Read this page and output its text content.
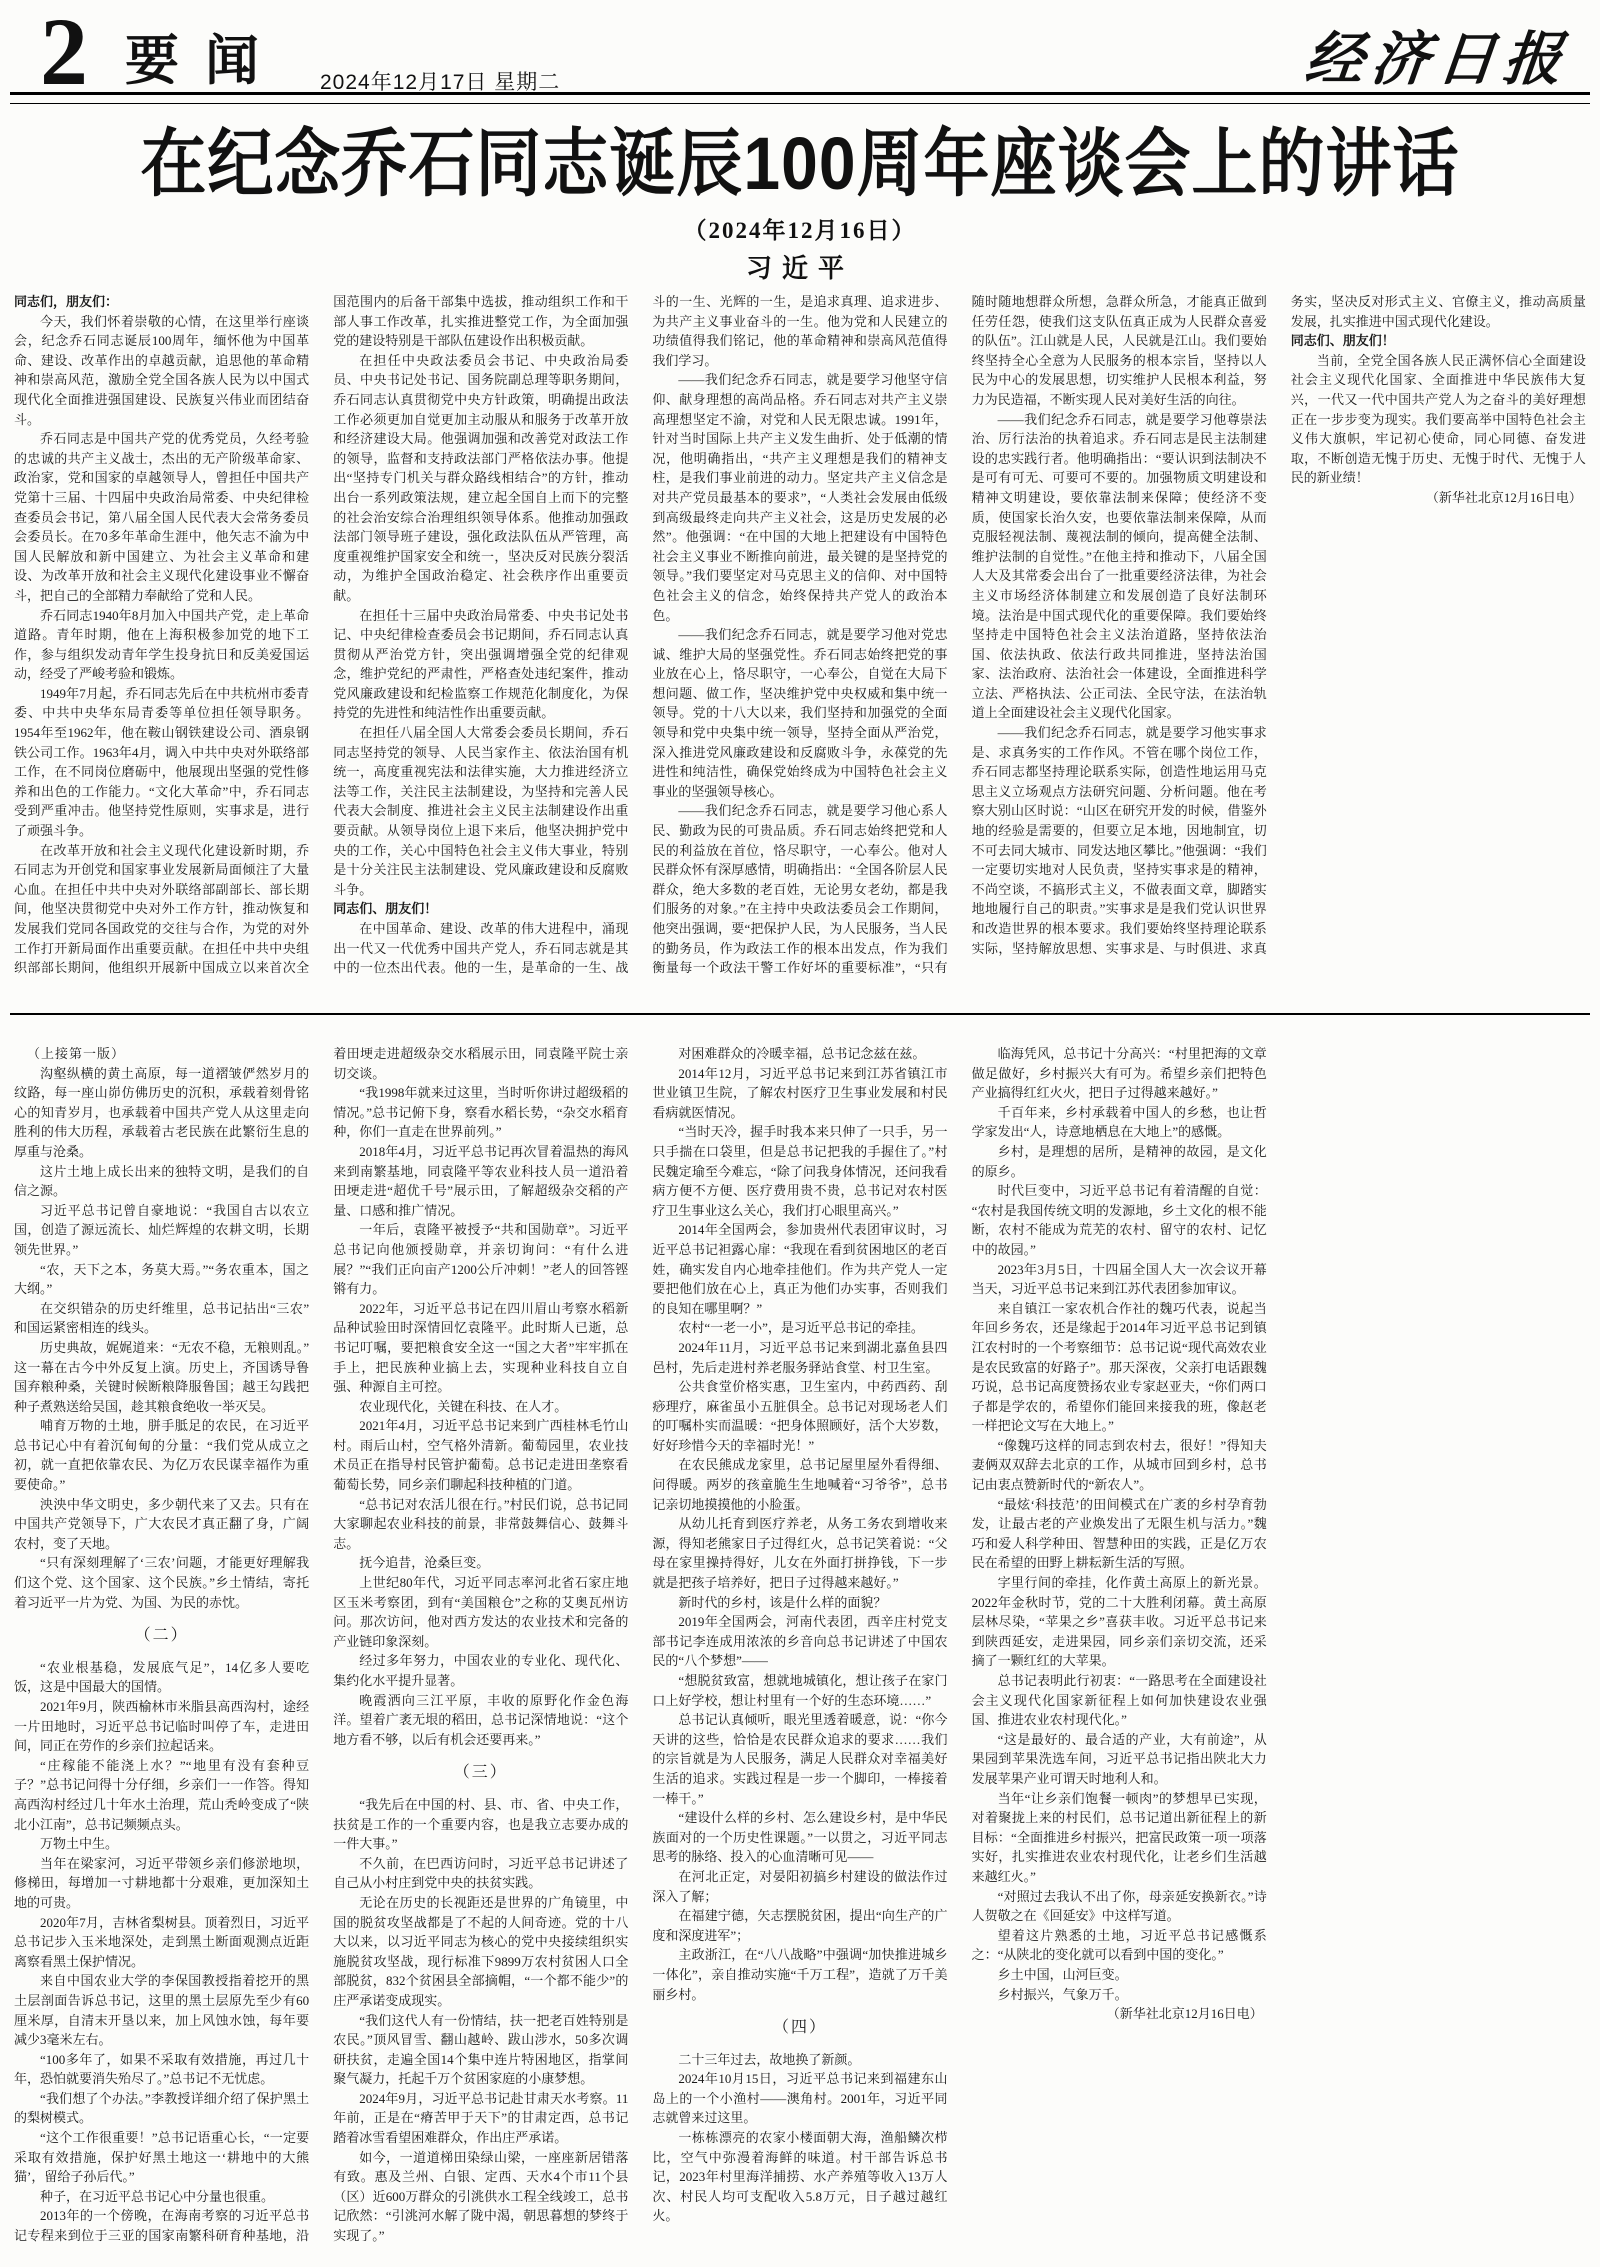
2 要闻 2024年12月17日 星期二	经济日报
在纪念乔石同志诞辰100周年座谈会上的讲话
（2024年12月16日）
习近平

同志们，朋友们：

今天，我们怀着崇敬的心情，在这里举行座谈会，纪念乔石同志诞辰100周年，缅怀他为中国革命、建设、改革作出的卓越贡献，追思他的革命精神和崇高风范，激励全党全国各族人民为以中国式现代化全面推进强国建设、民族复兴伟业而团结奋斗。

乔石同志是中国共产党的优秀党员，久经考验的忠诚的共产主义战士，杰出的无产阶级革命家、政治家，党和国家的卓越领导人，曾担任中国共产党第十三届、十四届中央政治局常委、中央纪律检查委员会书记，第八届全国人民代表大会常务委员会委员长。在70多年革命生涯中，他矢志不渝为中国人民解放和新中国建立、为社会主义革命和建设、为改革开放和社会主义现代化建设事业不懈奋斗，把自己的全部精力奉献给了党和人民。

乔石同志1940年8月加入中国共产党，走上革命道路。青年时期，他在上海积极参加党的地下工作，参与组织发动青年学生投身抗日和反美爱国运动，经受了严峻考验和锻炼。

1949年7月起，乔石同志先后在中共杭州市委青委、中共中央华东局青委等单位担任领导职务。1954年至1962年，他在鞍山钢铁建设公司、酒泉钢铁公司工作。1963年4月，调入中共中央对外联络部工作，在不同岗位磨砺中，他展现出坚强的党性修养和出色的工作能力。“文化大革命”中，乔石同志受到严重冲击。他坚持党性原则，实事求是，进行了顽强斗争。

在改革开放和社会主义现代化建设新时期，乔石同志为开创党和国家事业发展新局面倾注了大量心血。在担任中共中央对外联络部副部长、部长期间，他坚决贯彻党中央对外工作方针，推动恢复和发展我们党同各国政党的交往与合作，为党的对外工作打开新局面作出重要贡献。在担任中共中央组织部部长期间，他组织开展新中国成立以来首次全国范围内的后备干部集中选拔，推动组织工作和干部人事工作改革，扎实推进整党工作，为全面加强党的建设特别是干部队伍建设作出积极贡献。

在担任中央政法委员会书记、中央政治局委员、中央书记处书记、国务院副总理等职务期间，乔石同志认真贯彻党中央方针政策，明确提出政法工作必须更加自觉更加主动服从和服务于改革开放和经济建设大局。他强调加强和改善党对政法工作的领导，监督和支持政法部门严格依法办事。他提出“坚持专门机关与群众路线相结合”的方针，推动出台一系列政策法规，建立起全国自上而下的完整的社会治安综合治理组织领导体系。他推动加强政法部门领导班子建设，强化政法队伍从严管理，高度重视维护国家安全和统一，坚决反对民族分裂活动，为维护全国政治稳定、社会秩序作出重要贡献。

在担任十三届中央政治局常委、中央书记处书记、中央纪律检查委员会书记期间，乔石同志认真贯彻从严治党方针，突出强调增强全党的纪律观念，维护党纪的严肃性，严格查处违纪案件，推动党风廉政建设和纪检监察工作规范化制度化，为保持党的先进性和纯洁性作出重要贡献。

在担任八届全国人大常委会委员长期间，乔石同志坚持党的领导、人民当家作主、依法治国有机统一，高度重视宪法和法律实施，大力推进经济立法等工作，关注民主法制建设，为坚持和完善人民代表大会制度、推进社会主义民主法制建设作出重要贡献。从领导岗位上退下来后，他坚决拥护党中央的工作，关心中国特色社会主义伟大事业，特别是十分关注民主法制建设、党风廉政建设和反腐败斗争。

同志们、朋友们！

在中国革命、建设、改革的伟大进程中，涌现出一代又一代优秀中国共产党人，乔石同志就是其中的一位杰出代表。他的一生，是革命的一生、战斗的一生、光辉的一生，是追求真理、追求进步、为共产主义事业奋斗的一生。他为党和人民建立的功绩值得我们铭记，他的革命精神和崇高风范值得我们学习。

——我们纪念乔石同志，就是要学习他坚守信仰、献身理想的高尚品格。乔石同志对共产主义崇高理想坚定不渝，对党和人民无限忠诚。1991年，针对当时国际上共产主义发生曲折、处于低潮的情况，他明确指出，“共产主义理想是我们的精神支柱，是我们事业前进的动力。坚定共产主义信念是对共产党员最基本的要求”，“人类社会发展由低级到高级最终走向共产主义社会，这是历史发展的必然”。他强调：“在中国的大地上把建设有中国特色社会主义事业不断推向前进，最关键的是坚持党的领导。”我们要坚定对马克思主义的信仰、对中国特色社会主义的信念，始终保持共产党人的政治本色。

——我们纪念乔石同志，就是要学习他对党忠诚、维护大局的坚强党性。乔石同志始终把党的事业放在心上，恪尽职守，一心奉公，自觉在大局下想问题、做工作，坚决维护党中央权威和集中统一领导。党的十八大以来，我们坚持和加强党的全面领导和党中央集中统一领导，坚持全面从严治党，深入推进党风廉政建设和反腐败斗争，永葆党的先进性和纯洁性，确保党始终成为中国特色社会主义事业的坚强领导核心。

——我们纪念乔石同志，就是要学习他心系人民、勤政为民的可贵品质。乔石同志始终把党和人民的利益放在首位，恪尽职守，一心奉公。他对人民群众怀有深厚感情，明确指出：“全国各阶层人民群众，绝大多数的老百姓，无论男女老幼，都是我们服务的对象。”在主持中央政法委员会工作期间，他突出强调，要“把保护人民，为人民服务，当人民的勤务员，作为政法工作的根本出发点，作为我们衡量每一个政法干警工作好坏的重要标准”，“只有随时随地想群众所想，急群众所急，才能真正做到任劳任怨，使我们这支队伍真正成为人民群众喜爱的队伍”。江山就是人民，人民就是江山。我们要始终坚持全心全意为人民服务的根本宗旨，坚持以人民为中心的发展思想，切实维护人民根本利益，努力为民造福，不断实现人民对美好生活的向往。

——我们纪念乔石同志，就是要学习他尊崇法治、厉行法治的执着追求。乔石同志是民主法制建设的忠实践行者。他明确指出：“要认识到法制决不是可有可无、可要可不要的。加强物质文明建设和精神文明建设，要依靠法制来保障；使经济不变质，使国家长治久安，也要依靠法制来保障，从而克服轻视法制、蔑视法制的倾向，提高健全法制、维护法制的自觉性。”在他主持和推动下，八届全国人大及其常委会出台了一批重要经济法律，为社会主义市场经济体制建立和发展创造了良好法制环境。法治是中国式现代化的重要保障。我们要始终坚持走中国特色社会主义法治道路，坚持依法治国、依法执政、依法行政共同推进，坚持法治国家、法治政府、法治社会一体建设，全面推进科学立法、严格执法、公正司法、全民守法，在法治轨道上全面建设社会主义现代化国家。

——我们纪念乔石同志，就是要学习他实事求是、求真务实的工作作风。不管在哪个岗位工作，乔石同志都坚持理论联系实际，创造性地运用马克思主义立场观点方法研究问题、分析问题。他在考察大别山区时说：“山区在研究开发的时候，借鉴外地的经验是需要的，但要立足本地，因地制宜，切不可去同大城市、同发达地区攀比。”他强调：“我们一定要切实地对人民负责，坚持实事求是的精神，不尚空谈，不搞形式主义，不做表面文章，脚踏实地地履行自己的职责。”实事求是是我们党认识世界和改造世界的根本要求。我们要始终坚持理论联系实际，坚持解放思想、实事求是、与时俱进、求真务实，坚决反对形式主义、官僚主义，推动高质量发展，扎实推进中国式现代化建设。

同志们、朋友们！

当前，全党全国各族人民正满怀信心全面建设社会主义现代化国家、全面推进中华民族伟大复兴，一代又一代中国共产党人为之奋斗的美好理想正在一步步变为现实。我们要高举中国特色社会主义伟大旗帜，牢记初心使命，同心同德、奋发进取，不断创造无愧于历史、无愧于时代、无愧于人民的新业绩！

（新华社北京12月16日电）

（上接第一版）

沟壑纵横的黄土高原，每一道褶皱俨然岁月的纹路，每一座山峁仿佛历史的沉积，承载着刻骨铭心的知青岁月，也承载着中国共产党人从这里走向胜利的伟大历程，承载着古老民族在此繁衍生息的厚重与沧桑。

这片土地上成长出来的独特文明，是我们的自信之源。

习近平总书记曾自豪地说：“我国自古以农立国，创造了源远流长、灿烂辉煌的农耕文明，长期领先世界。”

“农，天下之本，务莫大焉。”“务农重本，国之大纲。”

在交织错杂的历史纤维里，总书记拈出“三农”和国运紧密相连的线头。

历史典故，娓娓道来：“无农不稳，无粮则乱。”这一幕在古今中外反复上演。历史上，齐国诱导鲁国弃粮种桑，关键时候断粮降服鲁国；越王勾践把种子煮熟送给吴国，趁其粮食绝收一举灭吴。

哺育万物的土地，胼手胝足的农民，在习近平总书记心中有着沉甸甸的分量：“我们党从成立之初，就一直把依靠农民、为亿万农民谋幸福作为重要使命。”

泱泱中华文明史，多少朝代来了又去。只有在中国共产党领导下，广大农民才真正翻了身，广阔农村，变了天地。

“只有深刻理解了‘三农’问题，才能更好理解我们这个党、这个国家、这个民族。”乡土情结，寄托着习近平一片为党、为国、为民的赤忱。

（二）

“农业根基稳，发展底气足”，14亿多人要吃饭，这是中国最大的国情。

2021年9月，陕西榆林市米脂县高西沟村，途经一片田地时，习近平总书记临时叫停了车，走进田间，同正在劳作的乡亲们拉起话来。

“庄稼能不能浇上水？”“地里有没有套种豆子？”总书记问得十分仔细，乡亲们一一作答。得知高西沟村经过几十年水土治理，荒山秃岭变成了“陕北小江南”，总书记频频点头。

万物土中生。

当年在梁家河，习近平带领乡亲们修淤地坝，修梯田，每增加一寸耕地都十分艰难，更加深知土地的可贵。

2020年7月，吉林省梨树县。顶着烈日，习近平总书记步入玉米地深处，走到黑土断面观测点近距离察看黑土保护情况。

来自中国农业大学的李保国教授指着挖开的黑土层剖面告诉总书记，这里的黑土层原先至少有60厘米厚，自清末开垦以来，加上风蚀水蚀，每年要减少3毫米左右。

“100多年了，如果不采取有效措施，再过几十年，恐怕就要消失殆尽了。”总书记不无忧虑。

“我们想了个办法。”李教授详细介绍了保护黑土的梨树模式。

“这个工作很重要！”总书记语重心长，“一定要采取有效措施，保护好黑土地这一‘耕地中的大熊猫’，留给子孙后代。”

种子，在习近平总书记心中分量也很重。

2013年的一个傍晚，在海南考察的习近平总书记专程来到位于三亚的国家南繁科研育种基地，沿着田埂走进超级杂交水稻展示田，同袁隆平院士亲切交谈。

“我1998年就来过这里，当时听你讲过超级稻的情况。”总书记俯下身，察看水稻长势，“杂交水稻育种，你们一直走在世界前列。”

2018年4月，习近平总书记再次冒着温热的海风来到南繁基地，同袁隆平等农业科技人员一道沿着田埂走进“超优千号”展示田，了解超级杂交稻的产量、口感和推广情况。

一年后，袁隆平被授予“共和国勋章”。习近平总书记向他颁授勋章，并亲切询问：“有什么进展？”“我们正向亩产1200公斤冲刺！”老人的回答铿锵有力。

2022年，习近平总书记在四川眉山考察水稻新品种试验田时深情回忆袁隆平。此时斯人已逝，总书记叮嘱，要把粮食安全这一“国之大者”牢牢抓在手上，把民族种业搞上去，实现种业科技自立自强、种源自主可控。

农业现代化，关键在科技、在人才。

2021年4月，习近平总书记来到广西桂林毛竹山村。雨后山村，空气格外清新。葡萄园里，农业技术员正在指导村民管护葡萄。总书记走进田垄察看葡萄长势，同乡亲们聊起科技种植的门道。

“总书记对农活儿很在行。”村民们说，总书记同大家聊起农业科技的前景，非常鼓舞信心、鼓舞斗志。

抚今追昔，沧桑巨变。

上世纪80年代，习近平同志率河北省石家庄地区玉米考察团，到有“美国粮仓”之称的艾奥瓦州访问。那次访问，他对西方发达的农业技术和完备的产业链印象深刻。

经过多年努力，中国农业的专业化、现代化、集约化水平提升显著。

晚霞洒向三江平原，丰收的原野化作金色海洋。望着广袤无垠的稻田，总书记深情地说：“这个地方看不够，以后有机会还要再来。”

（三）

“我先后在中国的村、县、市、省、中央工作，扶贫是工作的一个重要内容，也是我立志要办成的一件大事。”

不久前，在巴西访问时，习近平总书记讲述了自己从小村庄到党中央的扶贫实践。

无论在历史的长视距还是世界的广角镜里，中国的脱贫攻坚战都是了不起的人间奇迹。党的十八大以来，以习近平同志为核心的党中央接续组织实施脱贫攻坚战，现行标准下9899万农村贫困人口全部脱贫，832个贫困县全部摘帽，“一个都不能少”的庄严承诺变成现实。

“我们这代人有一份情结，扶一把老百姓特别是农民。”顶风冒雪、翻山越岭、跋山涉水，50多次调研扶贫，走遍全国14个集中连片特困地区，指掌间聚气凝力，托起千万个贫困家庭的小康梦想。

2024年9月，习近平总书记赴甘肃天水考察。11年前，正是在“瘠苦甲于天下”的甘肃定西，总书记踏着冰雪看望困难群众，作出庄严承诺。

如今，一道道梯田染绿山梁，一座座新居错落有致。惠及兰州、白银、定西、天水4个市11个县（区）近600万群众的引洮供水工程全线竣工，总书记欣然：“引洮河水解了陇中渴，朝思暮想的梦终于实现了。”

对困难群众的冷暖幸福，总书记念兹在兹。

2014年12月，习近平总书记来到江苏省镇江市世业镇卫生院，了解农村医疗卫生事业发展和村民看病就医情况。

“当时天冷，握手时我本来只伸了一只手，另一只手揣在口袋里，但是总书记把我的手握住了。”村民魏定瑜至今难忘，“除了问我身体情况，还问我看病方便不方便、医疗费用贵不贵，总书记对农村医疗卫生事业这么关心，我们打心眼里高兴。”

2014年全国两会，参加贵州代表团审议时，习近平总书记袒露心扉：“我现在看到贫困地区的老百姓，确实发自内心地牵挂他们。作为共产党人一定要把他们放在心上，真正为他们办实事，否则我们的良知在哪里啊？”

农村“一老一小”，是习近平总书记的牵挂。

2024年11月，习近平总书记来到湖北嘉鱼县四邑村，先后走进村养老服务驿站食堂、村卫生室。

公共食堂价格实惠，卫生室内，中药西药、刮痧理疗，麻雀虽小五脏俱全。总书记对现场老人们的叮嘱朴实而温暖：“把身体照顾好，活个大岁数，好好珍惜今天的幸福时光！”

在农民熊成龙家里，总书记屋里屋外看得细、问得暖。两岁的孩童脆生生地喊着“习爷爷”，总书记亲切地摸摸他的小脸蛋。

从幼儿托育到医疗养老，从务工务农到增收来源，得知老熊家日子过得红火，总书记笑着说：“父母在家里操持得好，儿女在外面打拼挣钱，下一步就是把孩子培养好，把日子过得越来越好。”

新时代的乡村，该是什么样的面貌？

2019年全国两会，河南代表团，西辛庄村党支部书记李连成用浓浓的乡音向总书记讲述了中国农民的“八个梦想”——

“想脱贫致富，想就地城镇化，想让孩子在家门口上好学校，想让村里有一个好的生态环境……”

总书记认真倾听，眼光里透着暖意，说：“你今天讲的这些，恰恰是农民群众追求的要求……我们的宗旨就是为人民服务，满足人民群众对幸福美好生活的追求。实践过程是一步一个脚印，一棒接着一棒干。”

“建设什么样的乡村、怎么建设乡村，是中华民族面对的一个历史性课题。”一以贯之，习近平同志思考的脉络、投入的心血清晰可见——

在河北正定，对晏阳初搞乡村建设的做法作过深入了解；

在福建宁德，矢志摆脱贫困，提出“向生产的广度和深度进军”；

主政浙江，在“八八战略”中强调“加快推进城乡一体化”，亲自推动实施“千万工程”，造就了万千美丽乡村。

（四）

二十三年过去，故地换了新颜。

2024年10月15日，习近平总书记来到福建东山岛上的一个小渔村——澳角村。2001年，习近平同志就曾来过这里。

一栋栋漂亮的农家小楼面朝大海，渔船鳞次栉比，空气中弥漫着海鲜的味道。村干部告诉总书记，2023年村里海洋捕捞、水产养殖等收入13万人次、村民人均可支配收入5.8万元，日子越过越红火。

临海凭风，总书记十分高兴：“村里把海的文章做足做好，乡村振兴大有可为。希望乡亲们把特色产业搞得红红火火，把日子过得越来越好。”

千百年来，乡村承载着中国人的乡愁，也让哲学家发出“人，诗意地栖息在大地上”的感慨。

乡村，是理想的居所，是精神的故园，是文化的原乡。

时代巨变中，习近平总书记有着清醒的自觉：“农村是我国传统文明的发源地，乡土文化的根不能断，农村不能成为荒芜的农村、留守的农村、记忆中的故园。”

2023年3月5日，十四届全国人大一次会议开幕当天，习近平总书记来到江苏代表团参加审议。

来自镇江一家农机合作社的魏巧代表，说起当年回乡务农，还是缘起于2014年习近平总书记到镇江农村时的一个考察细节：总书记说“现代高效农业是农民致富的好路子”。那天深夜，父亲打电话跟魏巧说，总书记高度赞扬农业专家赵亚夫，“你们两口子都是学农的，希望你们能回来接我的班，像赵老一样把论文写在大地上。”

“像魏巧这样的同志到农村去，很好！”得知夫妻俩双双辞去北京的工作，从城市回到乡村，总书记由衷点赞新时代的“新农人”。

“最炫‘科技范’的田间模式在广袤的乡村孕育勃发，让最古老的产业焕发出了无限生机与活力。”魏巧和爱人科学种田、智慧种田的实践，正是亿万农民在希望的田野上耕耘新生活的写照。

字里行间的牵挂，化作黄土高原上的新光景。2022年金秋时节，党的二十大胜利闭幕。黄土高原层林尽染，“苹果之乡”喜获丰收。习近平总书记来到陕西延安，走进果园，同乡亲们亲切交流，还采摘了一颗红红的大苹果。

总书记表明此行初衷：“一路思考在全面建设社会主义现代化国家新征程上如何加快建设农业强国、推进农业农村现代化。”

“这是最好的、最合适的产业，大有前途”，从果园到苹果洗选车间，习近平总书记指出陕北大力发展苹果产业可谓天时地利人和。

当年“让乡亲们饱餐一顿肉”的梦想早已实现，对着聚拢上来的村民们，总书记道出新征程上的新目标：“全面推进乡村振兴，把富民政策一项一项落实好，扎实推进农业农村现代化，让老乡们生活越来越红火。”

“对照过去我认不出了你，母亲延安换新衣。”诗人贺敬之在《回延安》中这样写道。

望着这片熟悉的土地，习近平总书记感慨系之：“从陕北的变化就可以看到中国的变化。”

乡土中国，山河巨变。

乡村振兴，气象万千。

（新华社北京12月16日电）
